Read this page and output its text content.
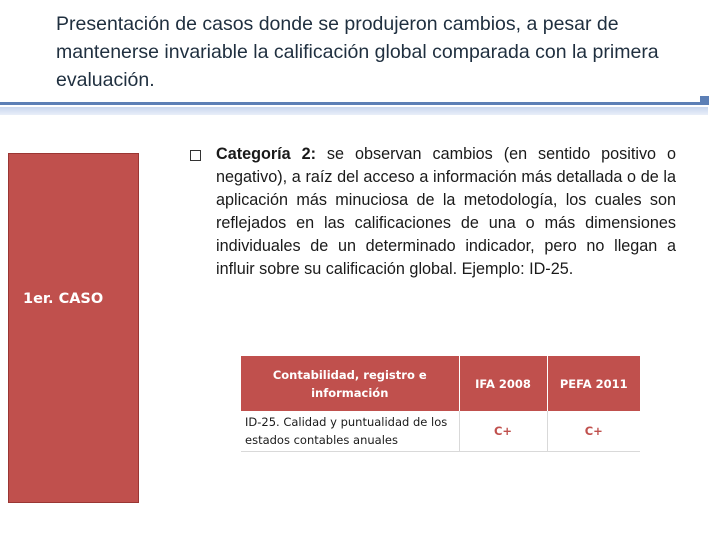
Presentación de casos donde se produjeron cambios, a pesar de mantenerse invariable la calificación global comparada con la primera evaluación.
1er. CASO

Categoría 2: se observan cambios (en sentido positivo o negativo), a raíz del acceso a información más detallada o de la aplicación más minuciosa de la metodología, los cuales son reflejados en las calificaciones de una o más dimensiones individuales de un determinado indicador, pero no llegan a influir sobre su calificación global. Ejemplo: ID-25.

Contabilidad, registro e información	IFA 2008	PEFA 2011
ID-25. Calidad y puntualidad de los estados contables anuales	C+	C+
